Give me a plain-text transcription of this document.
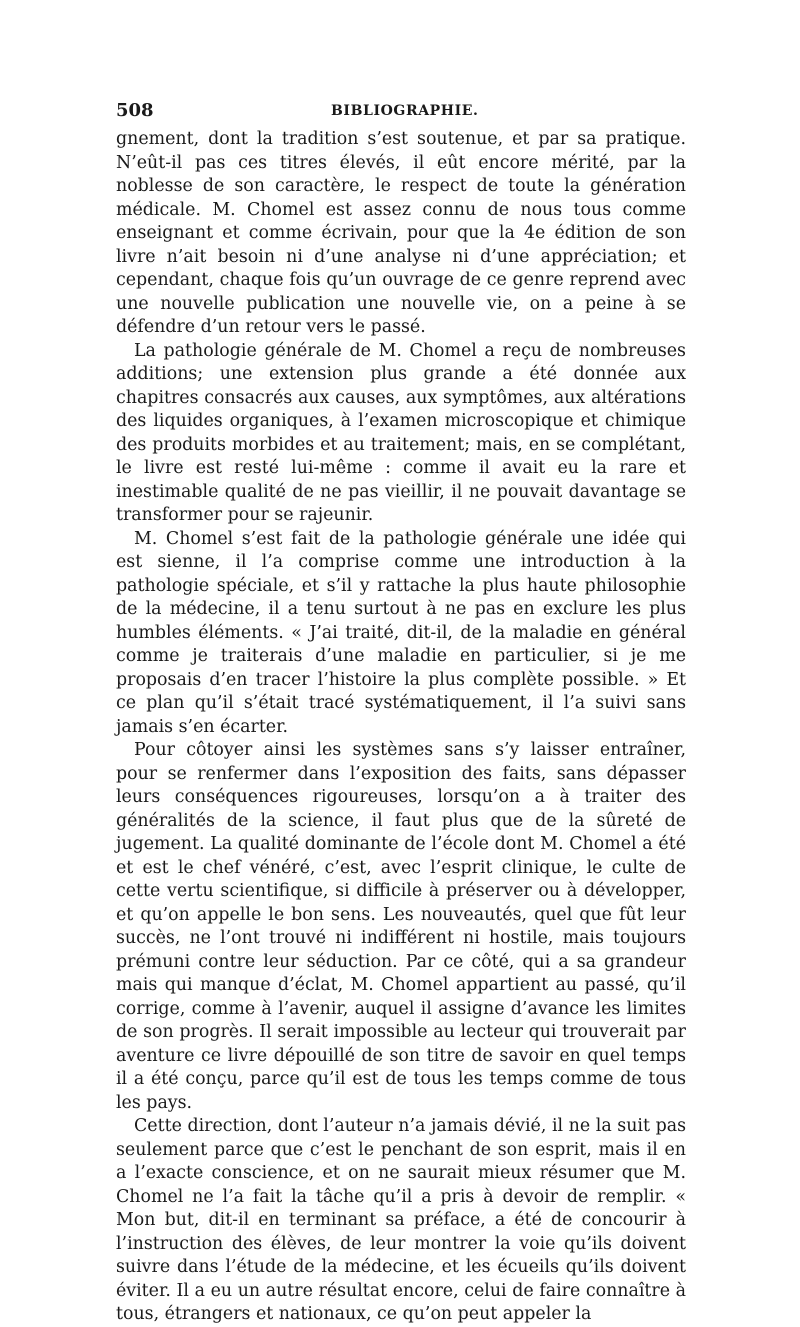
508	BIBLIOGRAPHIE.

gnement, dont la tradition s’est soutenue, et par sa pratique. N’eût-il pas ces titres élevés, il eût encore mérité, par la noblesse de son caractère, le respect de toute la génération médicale. M. Chomel est assez connu de nous tous comme enseignant et comme écrivain, pour que la 4e édition de son livre n’ait besoin ni d’une analyse ni d’une appréciation; et cependant, chaque fois qu’un ouvrage de ce genre reprend avec une nouvelle publication une nouvelle vie, on a peine à se défendre d’un retour vers le passé.

La pathologie générale de M. Chomel a reçu de nombreuses additions; une extension plus grande a été donnée aux chapitres consacrés aux causes, aux symptômes, aux altérations des liquides organiques, à l’examen microscopique et chimique des produits morbides et au traitement; mais, en se complétant, le livre est resté lui-même : comme il avait eu la rare et inestimable qualité de ne pas vieillir, il ne pouvait davantage se transformer pour se rajeunir.

M. Chomel s’est fait de la pathologie générale une idée qui est sienne, il l’a comprise comme une introduction à la pathologie spéciale, et s’il y rattache la plus haute philosophie de la médecine, il a tenu surtout à ne pas en exclure les plus humbles éléments. « J’ai traité, dit-il, de la maladie en général comme je traiterais d’une maladie en particulier, si je me proposais d’en tracer l’histoire la plus complète possible. » Et ce plan qu’il s’était tracé systématiquement, il l’a suivi sans jamais s’en écarter.

Pour côtoyer ainsi les systèmes sans s’y laisser entraîner, pour se renfermer dans l’exposition des faits, sans dépasser leurs conséquences rigoureuses, lorsqu’on a à traiter des généralités de la science, il faut plus que de la sûreté de jugement. La qualité dominante de l’école dont M. Chomel a été et est le chef vénéré, c’est, avec l’esprit clinique, le culte de cette vertu scientifique, si difficile à préserver ou à développer, et qu’on appelle le bon sens. Les nouveautés, quel que fût leur succès, ne l’ont trouvé ni indifférent ni hostile, mais toujours prémuni contre leur séduction. Par ce côté, qui a sa grandeur mais qui manque d’éclat, M. Chomel appartient au passé, qu’il corrige, comme à l’avenir, auquel il assigne d’avance les limites de son progrès. Il serait impossible au lecteur qui trouverait par aventure ce livre dépouillé de son titre de savoir en quel temps il a été conçu, parce qu’il est de tous les temps comme de tous les pays.

Cette direction, dont l’auteur n’a jamais dévié, il ne la suit pas seulement parce que c’est le penchant de son esprit, mais il en a l’exacte conscience, et on ne saurait mieux résumer que M. Chomel ne l’a fait la tâche qu’il a pris à devoir de remplir. « Mon but, dit-il en terminant sa préface, a été de concourir à l’instruction des élèves, de leur montrer la voie qu’ils doivent suivre dans l’étude de la médecine, et les écueils qu’ils doivent éviter. Il a eu un autre résultat encore, celui de faire connaître à tous, étrangers et nationaux, ce qu’on peut appeler la
